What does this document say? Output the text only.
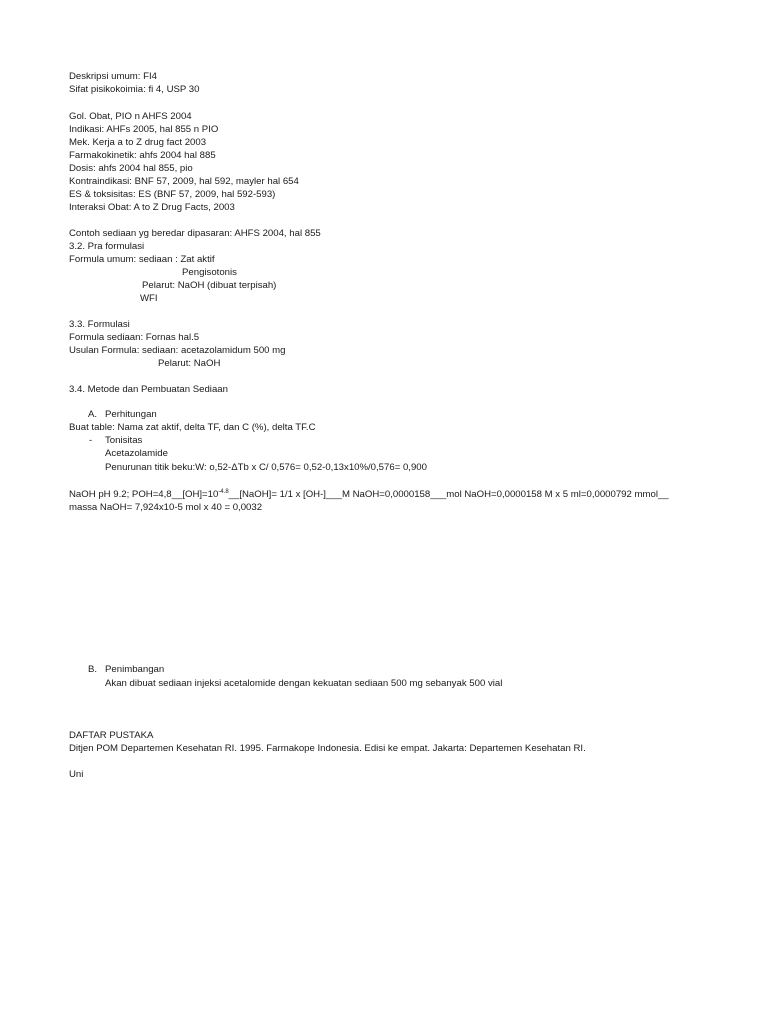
Deskripsi umum: FI4
Sifat pisikokoimia: fi 4, USP 30
Gol. Obat, PIO n AHFS 2004
Indikasi: AHFs 2005, hal 855 n PIO
Mek. Kerja a to Z drug fact 2003
Farmakokinetik: ahfs 2004 hal 885
Dosis: ahfs 2004 hal 855, pio
Kontraindikasi: BNF 57, 2009, hal 592, mayler hal 654
ES & toksisitas: ES (BNF 57, 2009, hal 592-593)
Interaksi Obat: A to Z Drug Facts, 2003
Contoh sediaan yg beredar dipasaran: AHFS 2004, hal 855
3.2. Pra formulasi
Formula umum: sediaan : Zat aktif
Pengisotonis
Pelarut: NaOH (dibuat terpisah)
WFI
3.3. Formulasi
Formula sediaan: Fornas hal.5
Usulan Formula: sediaan: acetazolamidum 500 mg
Pelarut: NaOH
3.4. Metode dan Pembuatan Sediaan
A. Perhitungan
Buat table: Nama zat aktif, delta TF, dan C (%), delta TF.C
- Tonisitas
Acetazolamide
Penurunan titik beku:W: o,52-ΔTb x C/ 0,576= 0,52-0,13x10%/0,576= 0,900
NaOH pH 9.2; $POH=4,8\_\_[OH]=10^{-4.8}\_\_[NaOH]= 1/1$ x [OH-]___M NaOH=0,0000158___mol NaOH=0,0000158 M x 5 ml=0,0000792 mmol__
massa NaOH= 7,924x10-5 mol x 40 = 0,0032
B. Penimbangan
Akan dibuat sediaan injeksi acetalomide dengan kekuatan sediaan 500 mg sebanyak 500 vial
DAFTAR PUSTAKA
Ditjen POM Departemen Kesehatan RI. 1995. Farmakope Indonesia. Edisi ke empat. Jakarta: Departemen Kesehatan RI.
Uni
